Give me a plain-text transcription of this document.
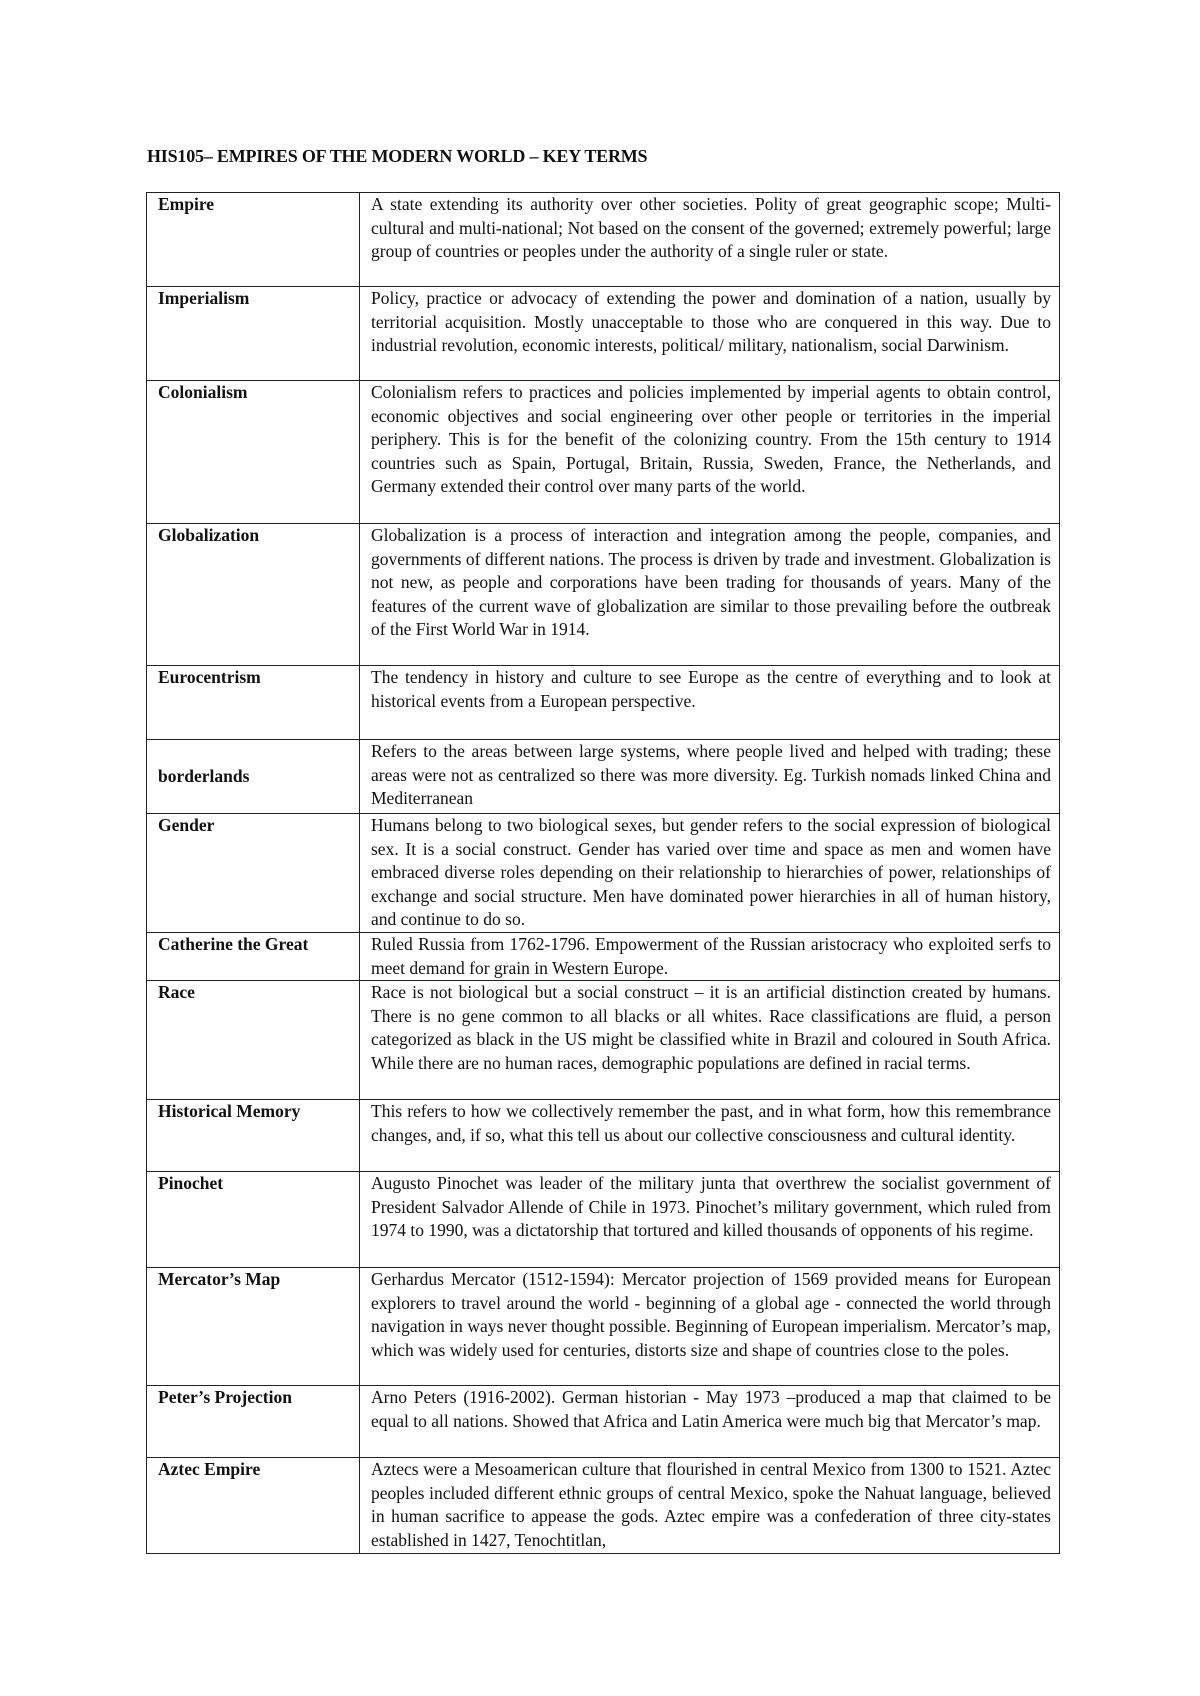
HIS105– EMPIRES OF THE MODERN WORLD – KEY TERMS
Empire	A state extending its authority over other societies. Polity of great geographic scope; Multi-cultural and multi-national; Not based on the consent of the governed; extremely powerful; large group of countries or peoples under the authority of a single ruler or state.
Imperialism	Policy, practice or advocacy of extending the power and domination of a nation, usually by territorial acquisition. Mostly unacceptable to those who are conquered in this way. Due to industrial revolution, economic interests, political/ military, nationalism, social Darwinism.
Colonialism	Colonialism refers to practices and policies implemented by imperial agents to obtain control, economic objectives and social engineering over other people or territories in the imperial periphery. This is for the benefit of the colonizing country. From the 15th century to 1914 countries such as Spain, Portugal, Britain, Russia, Sweden, France, the Netherlands, and Germany extended their control over many parts of the world.
Globalization	Globalization is a process of interaction and integration among the people, companies, and governments of different nations. The process is driven by trade and investment. Globalization is not new, as people and corporations have been trading for thousands of years. Many of the features of the current wave of globalization are similar to those prevailing before the outbreak of the First World War in 1914.
Eurocentrism	The tendency in history and culture to see Europe as the centre of everything and to look at historical events from a European perspective.
borderlands	Refers to the areas between large systems, where people lived and helped with trading; these areas were not as centralized so there was more diversity. Eg. Turkish nomads linked China and Mediterranean
Gender	Humans belong to two biological sexes, but gender refers to the social expression of biological sex. It is a social construct. Gender has varied over time and space as men and women have embraced diverse roles depending on their relationship to hierarchies of power, relationships of exchange and social structure. Men have dominated power hierarchies in all of human history, and continue to do so.
Catherine the Great	Ruled Russia from 1762-1796. Empowerment of the Russian aristocracy who exploited serfs to meet demand for grain in Western Europe.
Race	Race is not biological but a social construct – it is an artificial distinction created by humans. There is no gene common to all blacks or all whites. Race classifications are fluid, a person categorized as black in the US might be classified white in Brazil and coloured in South Africa. While there are no human races, demographic populations are defined in racial terms.
Historical Memory	This refers to how we collectively remember the past, and in what form, how this remembrance changes, and, if so, what this tell us about our collective consciousness and cultural identity.
Pinochet	Augusto Pinochet was leader of the military junta that overthrew the socialist government of President Salvador Allende of Chile in 1973. Pinochet’s military government, which ruled from 1974 to 1990, was a dictatorship that tortured and killed thousands of opponents of his regime.
Mercator’s Map	Gerhardus Mercator (1512-1594): Mercator projection of 1569 provided means for European explorers to travel around the world - beginning of a global age - connected the world through navigation in ways never thought possible. Beginning of European imperialism. Mercator’s map, which was widely used for centuries, distorts size and shape of countries close to the poles.
Peter’s Projection	Arno Peters (1916-2002). German historian - May 1973 –produced a map that claimed to be equal to all nations. Showed that Africa and Latin America were much big that Mercator’s map.
Aztec Empire	Aztecs were a Mesoamerican culture that flourished in central Mexico from 1300 to 1521. Aztec peoples included different ethnic groups of central Mexico, spoke the Nahuat language, believed in human sacrifice to appease the gods. Aztec empire was a confederation of three city-states established in 1427, Tenochtitlan,
